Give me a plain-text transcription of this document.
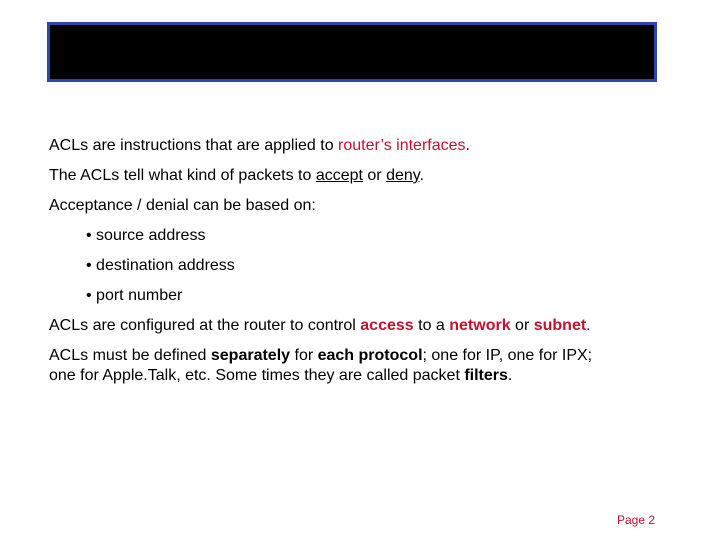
ACLs are instructions that are applied to router’s interfaces.
The ACLs tell what kind of packets to accept or deny.
Acceptance / denial can be based on:
• source address
• destination address
• port number
ACLs are configured at the router to control access to a network or subnet.
ACLs must be defined separately for each protocol; one for IP, one for IPX;
one for Apple.Talk, etc. Some times they are called packet filters.
Page 2
